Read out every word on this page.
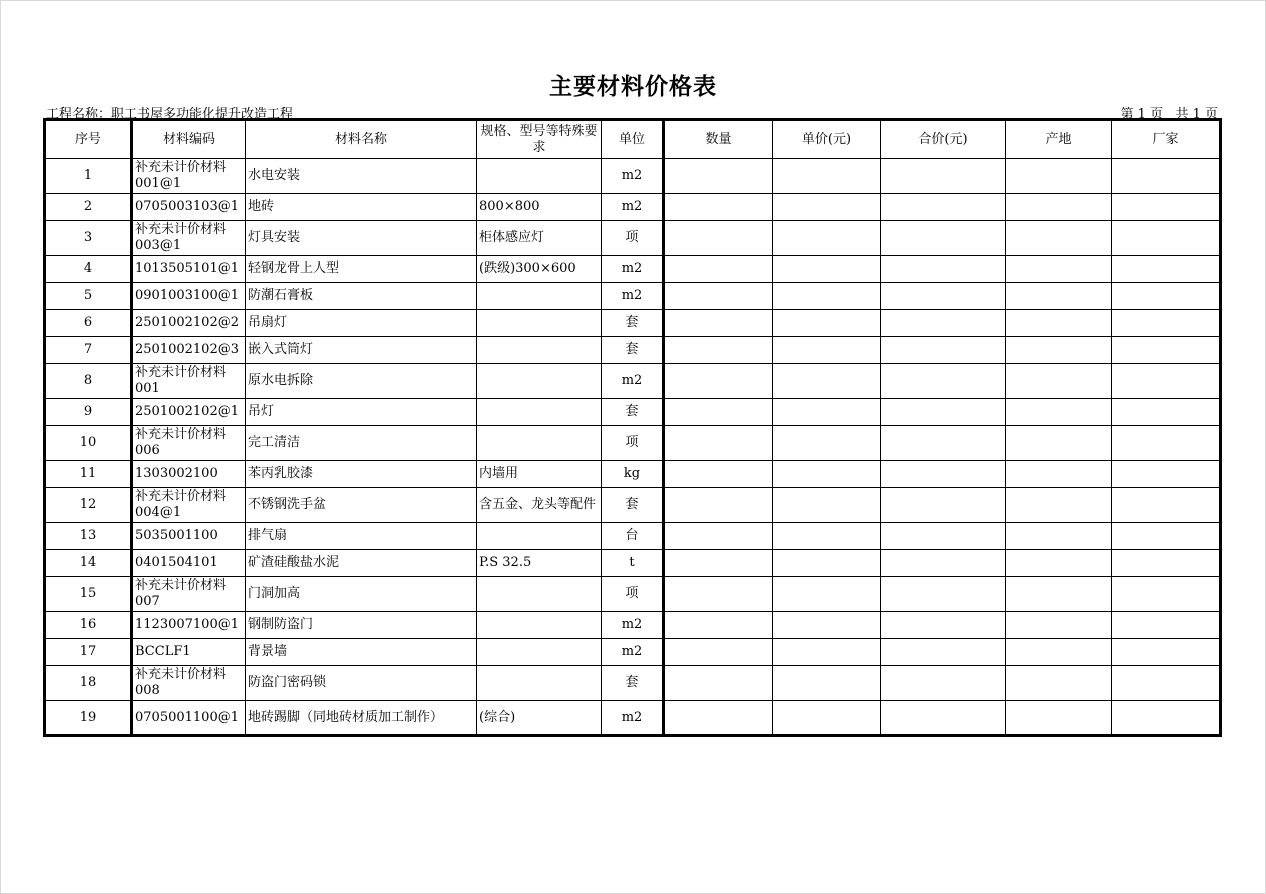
主要材料价格表
工程名称：职工书屋多功能化提升改造工程	第 1 页   共 1 页
序号	材料编码	材料名称	规格、型号等特殊要求	单位	数量	单价(元)	合价(元)	产地	厂家
1	补充未计价材料001@1	水电安装		m2					
2	0705003103@1	地砖	800×800	m2					
3	补充未计价材料003@1	灯具安装	柜体感应灯	项					
4	1013505101@1	轻钢龙骨上人型	(跌级)300×600	m2					
5	0901003100@1	防潮石膏板		m2					
6	2501002102@2	吊扇灯		套					
7	2501002102@3	嵌入式筒灯		套					
8	补充未计价材料001	原水电拆除		m2					
9	2501002102@1	吊灯		套					
10	补充未计价材料006	完工清洁		项					
11	1303002100	苯丙乳胶漆	内墙用	kg					
12	补充未计价材料004@1	不锈钢洗手盆	含五金、龙头等配件	套					
13	5035001100	排气扇		台					
14	0401504101	矿渣硅酸盐水泥	P.S 32.5	t					
15	补充未计价材料007	门洞加高		项					
16	1123007100@1	钢制防盗门		m2					
17	BCCLF1	背景墙		m2					
18	补充未计价材料008	防盗门密码锁		套					
19	0705001100@1	地砖踢脚（同地砖材质加工制作）	(综合)	m2					
